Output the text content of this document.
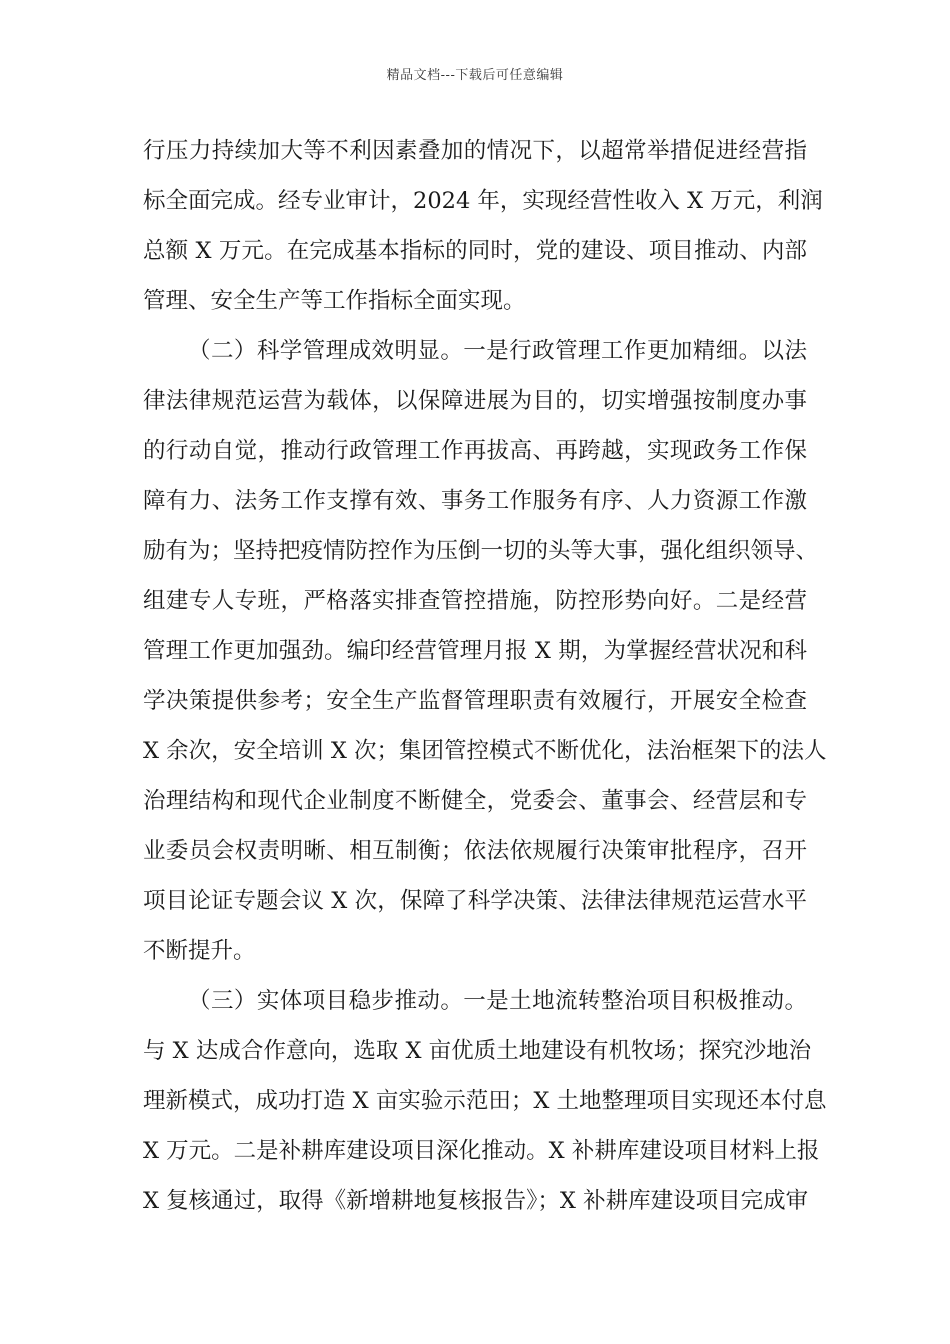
精品文档---下载后可任意编辑
行压力持续加大等不利因素叠加的情况下，以超常举措促进经营指
标全面完成。经专业审计，2024 年，实现经营性收入 X 万元，利润
总额 X 万元。在完成基本指标的同时，党的建设、项目推动、内部
管理、安全生产等工作指标全面实现。
（二）科学管理成效明显。一是行政管理工作更加精细。以法
律法律规范运营为载体，以保障进展为目的，切实增强按制度办事
的行动自觉，推动行政管理工作再拔高、再跨越，实现政务工作保
障有力、法务工作支撑有效、事务工作服务有序、人力资源工作激
励有为；坚持把疫情防控作为压倒一切的头等大事，强化组织领导、
组建专人专班，严格落实排查管控措施，防控形势向好。二是经营
管理工作更加强劲。编印经营管理月报 X 期，为掌握经营状况和科
学决策提供参考；安全生产监督管理职责有效履行，开展安全检查
X 余次，安全培训 X 次；集团管控模式不断优化，法治框架下的法人
治理结构和现代企业制度不断健全，党委会、董事会、经营层和专
业委员会权责明晰、相互制衡；依法依规履行决策审批程序，召开
项目论证专题会议 X 次，保障了科学决策、法律法律规范运营水平
不断提升。
（三）实体项目稳步推动。一是土地流转整治项目积极推动。
与 X 达成合作意向，选取 X 亩优质土地建设有机牧场；探究沙地治
理新模式，成功打造 X 亩实验示范田；X 土地整理项目实现还本付息
X 万元。二是补耕库建设项目深化推动。X 补耕库建设项目材料上报
X 复核通过，取得《新增耕地复核报告》；X 补耕库建设项目完成审
